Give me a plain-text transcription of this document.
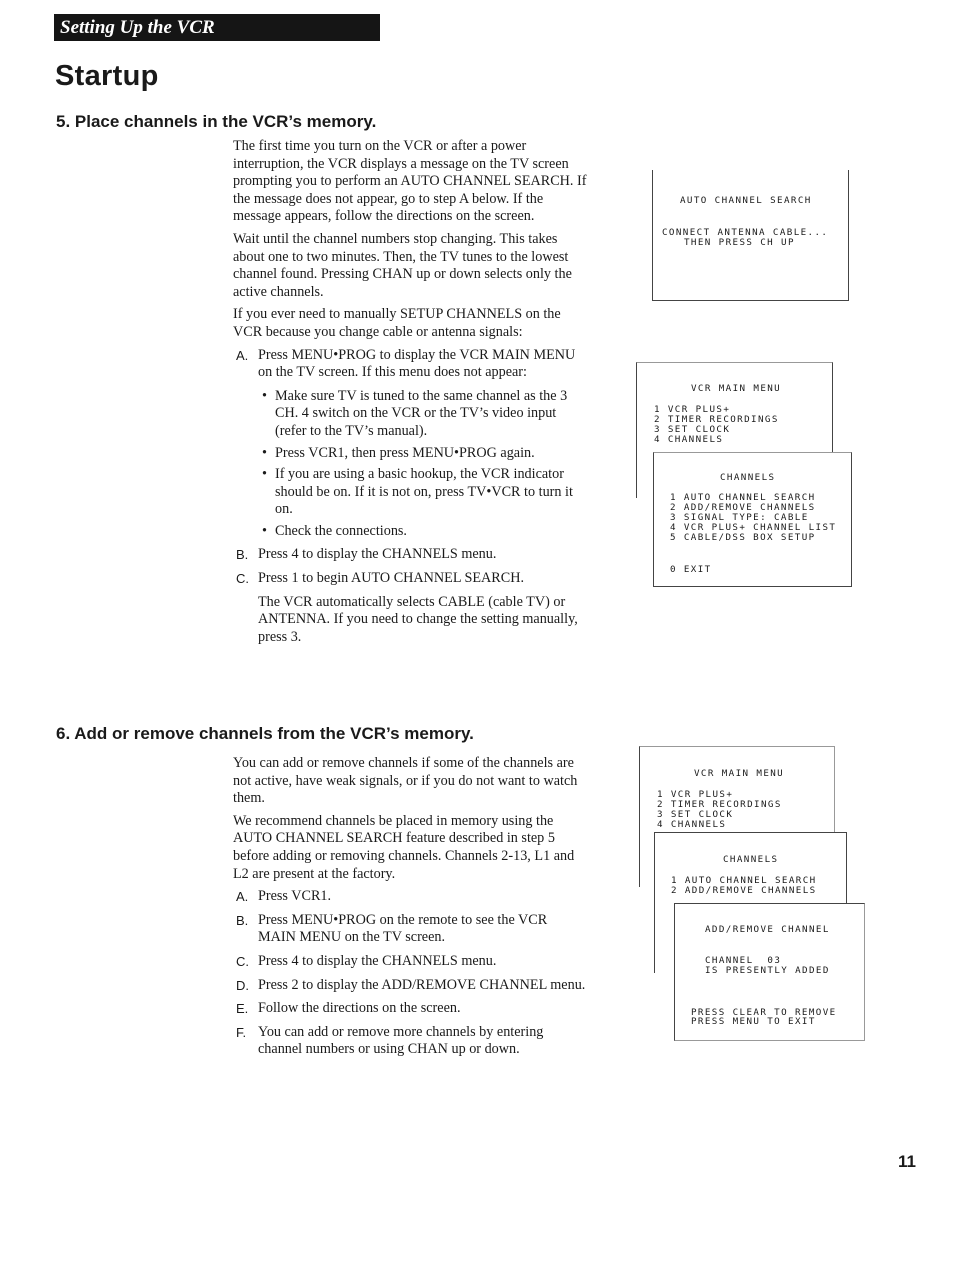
Setting Up the VCR
Startup
5. Place channels in the VCR’s memory.

The first time you turn on the VCR or after a power interruption, the VCR displays a message on the TV screen prompting you to perform an AUTO CHANNEL SEARCH. If the message does not appear, go to step A below. If the message appears, follow the directions on the screen.

Wait until the channel numbers stop changing. This takes about one to two minutes. Then, the TV tunes to the lowest channel found. Pressing CHAN up or down selects only the active channels.

If you ever need to manually SETUP CHANNELS on the VCR because you change cable or antenna signals:

A. Press MENU•PROG to display the VCR MAIN MENU on the TV screen. If this menu does not appear:
• Make sure TV is tuned to the same channel as the 3 CH. 4 switch on the VCR or the TV’s video input (refer to the TV’s manual).
• Press VCR1, then press MENU•PROG again.
• If you are using a basic hookup, the VCR indicator should be on. If it is not on, press TV•VCR to turn it on.
• Check the connections.
B. Press 4 to display the CHANNELS menu.
C. Press 1 to begin AUTO CHANNEL SEARCH.
The VCR automatically selects CABLE (cable TV) or ANTENNA. If you need to change the setting manually, press 3.
6. Add or remove channels from the VCR’s memory.

You can add or remove channels if some of the channels are not active, have weak signals, or if you do not want to watch them.

We recommend channels be placed in memory using the AUTO CHANNEL SEARCH feature described in step 5 before adding or removing channels. Channels 2-13, L1 and L2 are present at the factory.

A. Press VCR1.
B. Press MENU•PROG on the remote to see the VCR MAIN MENU on the TV screen.
C. Press 4 to display the CHANNELS menu.
D. Press 2 to display the ADD/REMOVE CHANNEL menu.
E. Follow the directions on the screen.
F. You can add or remove more channels by entering channel numbers or using CHAN up or down.
AUTO CHANNEL SEARCH
CONNECT ANTENNA CABLE...
THEN PRESS CH UP
VCR MAIN MENU
1 VCR PLUS+
2 TIMER RECORDINGS
3 SET CLOCK
4 CHANNELS
CHANNELS
1 AUTO CHANNEL SEARCH
2 ADD/REMOVE CHANNELS
3 SIGNAL TYPE: CABLE
4 VCR PLUS+ CHANNEL LIST
5 CABLE/DSS BOX SETUP
0 EXIT
VCR MAIN MENU
1 VCR PLUS+
2 TIMER RECORDINGS
3 SET CLOCK
4 CHANNELS
CHANNELS
1 AUTO CHANNEL SEARCH
2 ADD/REMOVE CHANNELS
ADD/REMOVE CHANNEL
CHANNEL  03
IS PRESENTLY ADDED
PRESS CLEAR TO REMOVE
PRESS MENU TO EXIT
11
